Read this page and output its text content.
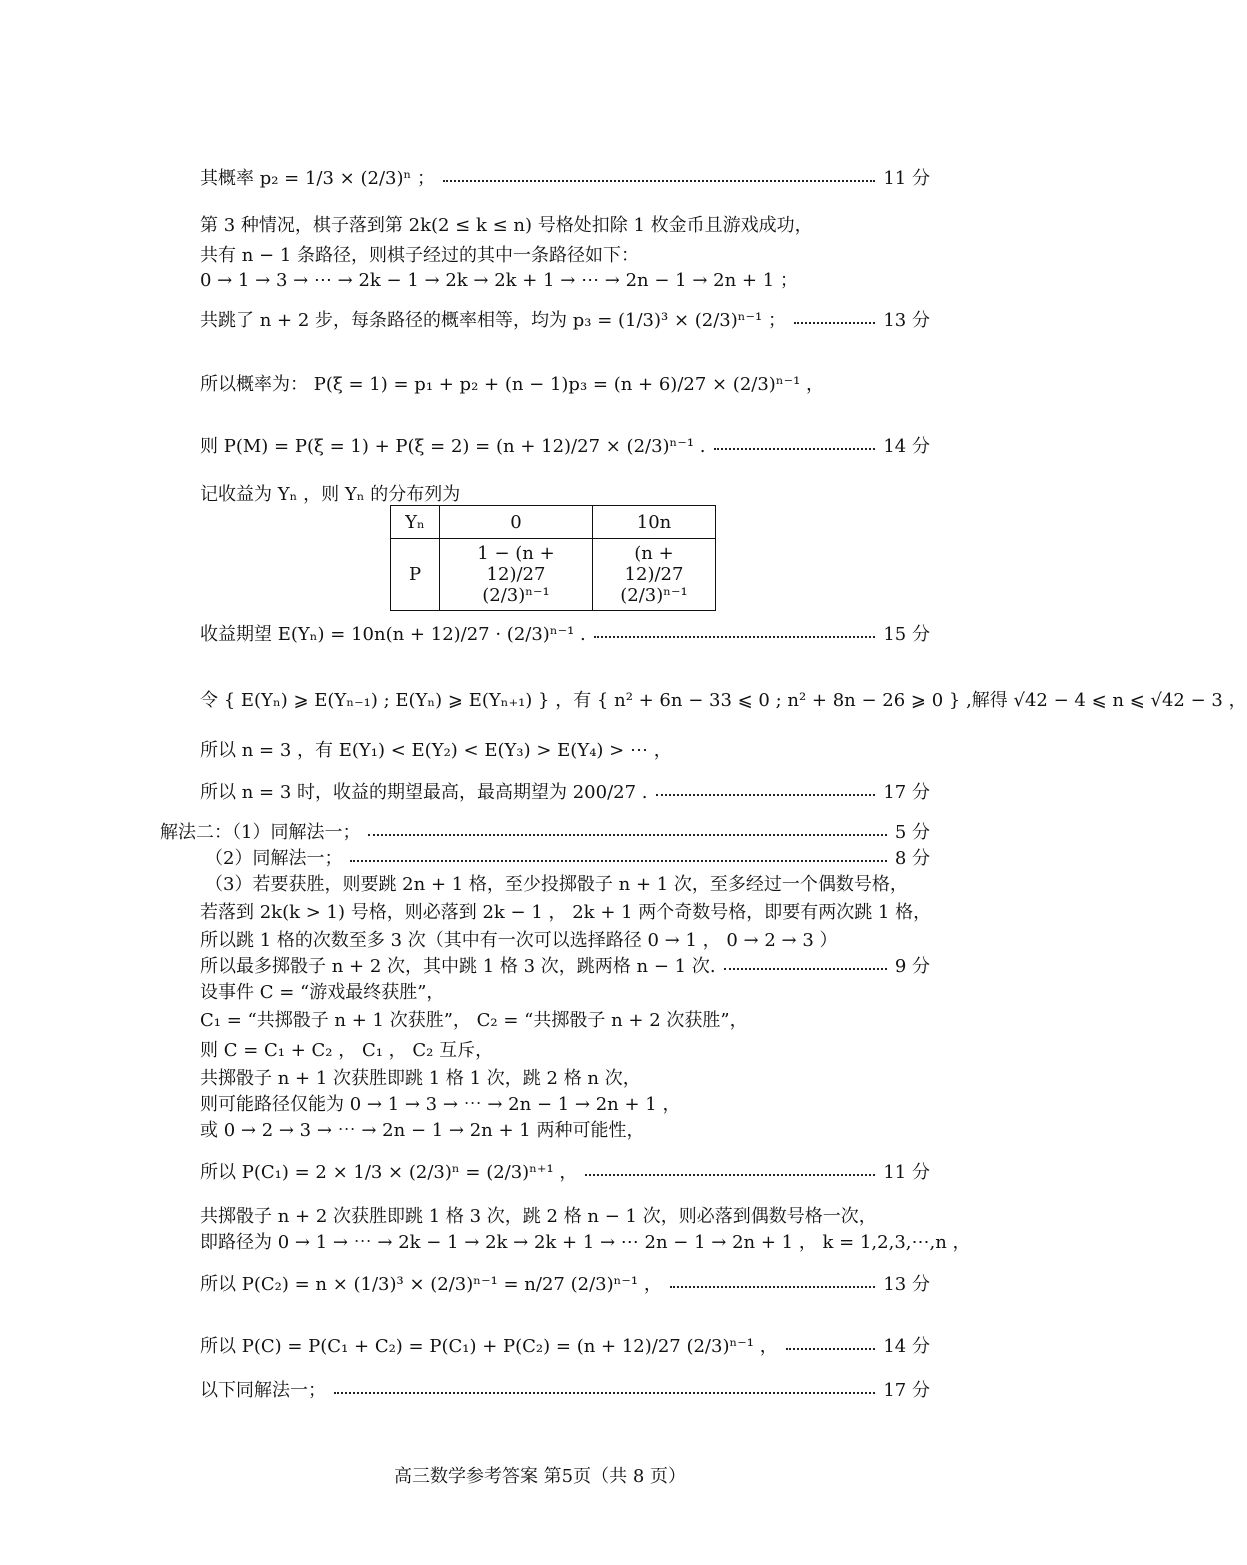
其概率 p₂ = 1/3 × (2/3)ⁿ ；	11 分
第 3 种情况，棋子落到第 2k(2 ≤ k ≤ n) 号格处扣除 1 枚金币且游戏成功，
共有 n − 1 条路径，则棋子经过的其中一条路径如下：
0 → 1 → 3 → ⋯ → 2k − 1 → 2k → 2k + 1 → ⋯ → 2n − 1 → 2n + 1 ；
共跳了 n + 2 步，每条路径的概率相等，均为 p₃ = (1/3)³ × (2/3)ⁿ⁻¹ ；	13 分
所以概率为： P(ξ = 1) = p₁ + p₂ + (n − 1)p₃ = (n + 6)/27 × (2/3)ⁿ⁻¹ ，
则 P(M) = P(ξ = 1) + P(ξ = 2) = (n + 12)/27 × (2/3)ⁿ⁻¹ .	14 分
记收益为 Yₙ ，则 Yₙ 的分布列为
Yₙ	0	10n
P	1 − (n + 12)/27 (2/3)ⁿ⁻¹	(n + 12)/27 (2/3)ⁿ⁻¹
收益期望 E(Yₙ) = 10n(n + 12)/27 · (2/3)ⁿ⁻¹ .	15 分
令 { E(Yₙ) ⩾ E(Yₙ₋₁) ; E(Yₙ) ⩾ E(Yₙ₊₁) } ，有 { n² + 6n − 33 ⩽ 0 ; n² + 8n − 26 ⩾ 0 } ,解得 √42 − 4 ⩽ n ⩽ √42 − 3 ，
所以 n = 3 ，有 E(Y₁) < E(Y₂) < E(Y₃) > E(Y₄) > ⋯ ，
所以 n = 3 时，收益的期望最高，最高期望为 200/27 .	17 分
解法二：（1）同解法一；	5 分
（2）同解法一；	8 分
（3）若要获胜，则要跳 2n + 1 格，至少投掷骰子 n + 1 次，至多经过一个偶数号格，
若落到 2k(k > 1) 号格，则必落到 2k − 1 ， 2k + 1 两个奇数号格，即要有两次跳 1 格，
所以跳 1 格的次数至多 3 次（其中有一次可以选择路径 0 → 1 ， 0 → 2 → 3 ）
所以最多掷骰子 n + 2 次，其中跳 1 格 3 次，跳两格 n − 1 次.	9 分
设事件 C = “游戏最终获胜”，
C₁ = “共掷骰子 n + 1 次获胜”， C₂ = “共掷骰子 n + 2 次获胜”，
则 C = C₁ + C₂ ， C₁ ， C₂ 互斥，
共掷骰子 n + 1 次获胜即跳 1 格 1 次，跳 2 格 n 次，
则可能路径仅能为 0 → 1 → 3 → ⋯ → 2n − 1 → 2n + 1 ，
或 0 → 2 → 3 → ⋯ → 2n − 1 → 2n + 1 两种可能性，
所以 P(C₁) = 2 × 1/3 × (2/3)ⁿ = (2/3)ⁿ⁺¹ ，	11 分
共掷骰子 n + 2 次获胜即跳 1 格 3 次，跳 2 格 n − 1 次，则必落到偶数号格一次，
即路径为 0 → 1 → ⋯ → 2k − 1 → 2k → 2k + 1 → ⋯ 2n − 1 → 2n + 1 ， k = 1,2,3,⋯,n ，
所以 P(C₂) = n × (1/3)³ × (2/3)ⁿ⁻¹ = n/27 (2/3)ⁿ⁻¹ ，	13 分
所以 P(C) = P(C₁ + C₂) = P(C₁) + P(C₂) = (n + 12)/27 (2/3)ⁿ⁻¹ ，	14 分
以下同解法一；	17 分
高三数学参考答案 第5页（共 8 页）
